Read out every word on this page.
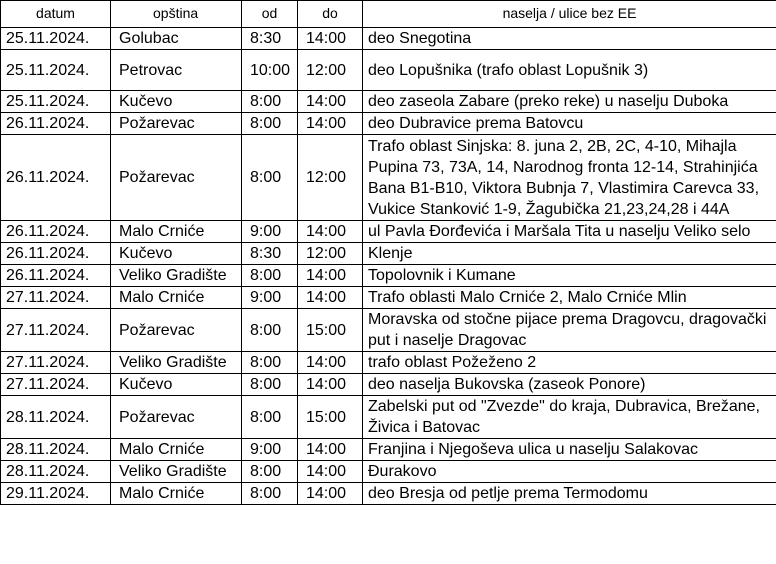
datum	opština	od	do	naselja / ulice bez EE
25.11.2024.	Golubac	8:30	14:00	deo Snegotina
25.11.2024.	Petrovac	10:00	12:00	deo Lopušnika (trafo oblast Lopušnik 3)
25.11.2024.	Kučevo	8:00	14:00	deo zaseola Zabare (preko reke) u naselju Duboka
26.11.2024.	Požarevac	8:00	14:00	deo Dubravice prema Batovcu
26.11.2024.	Požarevac	8:00	12:00	Trafo oblast Sinjska: 8. juna 2, 2B, 2C, 4-10, Mihajla Pupina 73, 73A, 14, Narodnog fronta 12-14, Strahinjića Bana B1-B10, Viktora Bubnja 7, Vlastimira Carevca 33, Vukice Stanković 1-9, Žagubička 21,23,24,28 i 44A
26.11.2024.	Malo Crniće	9:00	14:00	ul Pavla Đorđevića i Maršala Tita u naselju Veliko selo
26.11.2024.	Kučevo	8:30	12:00	Klenje
26.11.2024.	Veliko Gradište	8:00	14:00	Topolovnik i Kumane
27.11.2024.	Malo Crniće	9:00	14:00	Trafo oblasti Malo Crniće 2, Malo Crniće Mlin
27.11.2024.	Požarevac	8:00	15:00	Moravska od stočne pijace prema Dragovcu, dragovački put i naselje Dragovac
27.11.2024.	Veliko Gradište	8:00	14:00	trafo oblast Požeženo 2
27.11.2024.	Kučevo	8:00	14:00	deo naselja Bukovska (zaseok Ponore)
28.11.2024.	Požarevac	8:00	15:00	Zabelski put od "Zvezde" do kraja, Dubravica, Brežane, Živica i Batovac
28.11.2024.	Malo Crniće	9:00	14:00	Franjina i Njegoševa ulica u naselju Salakovac
28.11.2024.	Veliko Gradište	8:00	14:00	Đurakovo
29.11.2024.	Malo Crniće	8:00	14:00	deo Bresja od petlje prema Termodomu
